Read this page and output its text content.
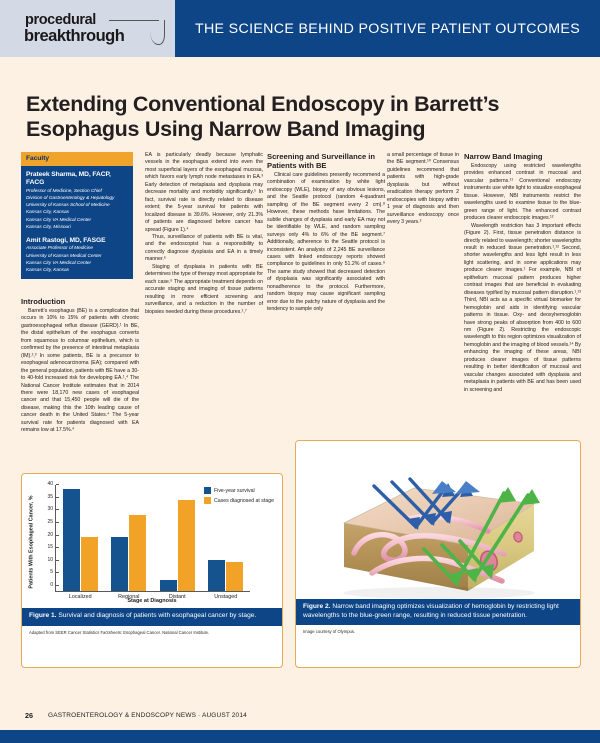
procedural
breakthrough	THE SCIENCE BEHIND POSITIVE PATIENT OUTCOMES
Extending Conventional Endoscopy in Barrett’s Esophagus Using Narrow Band Imaging
Faculty
Prateek Sharma, MD, FACP, FACG
Professor of Medicine, Section Chief
Division of Gastroenterology & Hepatology
University of Kansas School of Medicine
Kansas City, Kansas
Kansas City VA Medical Center
Kansas City, Missouri
Amit Rastogi, MD, FASGE
Associate Professor of Medicine
University of Kansas Medical Center
Kansas City VA Medical Center
Kansas City, Kansas
Introduction

Barrett’s esophagus (BE) is a complication that occurs in 10% to 15% of patients with chronic gastroesophageal reflux disease (GERD).¹ In BE, the distal epithelium of the esophagus converts from squamous to columnar epithelium, which is confirmed by the presence of intestinal metaplasia (IM).²,³ In some patients, BE is a precursor to esophageal adenocarcinoma (EA); compared with the general population, patients with BE have a 30- to 40-fold increased risk for developing EA.¹,⁴ The National Cancer Institute estimates that in 2014 there were 18,170 new cases of esophageal cancer and that 15,450 people will die of the disease, making this the 10th leading cause of cancer death in the United States.⁴ The 5-year survival rate for patients diagnosed with EA remains low at 17.5%.⁴

EA is particularly deadly because lymphatic vessels in the esophagus extend into even the most superficial layers of the esophageal mucosa, which favors early lymph node metastases in EA.³ Early detection of metaplasia and dysplasia may decrease mortality and morbidity significantly.⁵ In fact, survival rate is directly related to disease extent; the 5-year survival for patients with localized disease is 39.6%. However, only 21.3% of patients are diagnosed before cancer has spread (Figure 1).⁴

Thus, surveillance of patients with BE is vital, and the endoscopist has a responsibility to correctly diagnose dysplasia and EA in a timely manner.⁶

Staging of dysplasia in patients with BE determines the type of therapy most appropriate for each case.⁶ The appropriate treatment depends on accurate staging and imaging of tissue patterns resulting in more efficient screening and surveillance, and a reduction in the number of biopsies needed during these procedures.¹,⁷

Screening and Surveillance in Patients with BE

Clinical care guidelines presently recommend a combination of examination by white light endoscopy (WLE), biopsy of any obvious lesions, and the Seattle protocol (random 4-quadrant sampling of the BE segment every 2 cm).⁸ However, these methods have limitations. The subtle changes of dysplasia and early EA may not be identifiable by WLE, and random sampling surveys only 4% to 6% of the BE segment.⁷ Additionally, adherence to the Seattle protocol is inconsistent. An analysis of 2,245 BE surveillance cases with linked endoscopy reports showed compliance to guidelines in only 51.2% of cases.⁹ The same study showed that decreased detection of dysplasia was significantly associated with nonadherence to the protocol. Furthermore, random biopsy may cause significant sampling error due to the patchy nature of dysplasia and the tendency to sample only

a small percentage of tissue in the BE segment.¹⁰ Consensus guidelines recommend that patients with high-grade dysplasia but without eradication therapy perform 2 endoscopies with biopsy within 1 year of diagnosis and then surveillance endoscopy once every 3 years.²

Narrow Band Imaging

Endoscopy using restricted wavelengths provides enhanced contrast in mucosal and vascular patterns.¹¹ Conventional endoscopy instruments use white light to visualize esophageal tissue. However, NBI instruments restrict the wavelengths used to examine tissue to the blue-green range of light. The enhanced contrast produces clearer endoscopic images.¹²

Wavelength restriction has 3 important effects (Figure 2). First, tissue penetration distance is directly related to wavelength; shorter wavelengths result in reduced tissue penetration.¹,¹² Second, shorter wavelengths and less light result in less light scattering, and in some applications may produce clearer images.¹ For example, NBI of epithelium mucosal pattern produces higher contrast images that are beneficial in evaluating diseases typified by mucosal pattern disruption.¹,¹³ Third, NBI acts as a specific virtual biomarker for hemoglobin and aids in identifying vascular patterns in tissue. Oxy- and deoxyhemoglobin have strong peaks of absorption from 400 to 600 nm (Figure 2). Restricting the endoscopic wavelength to this region optimizes visualization of hemoglobin and the imaging of blood vessels.¹⁴ By enhancing the imaging of these areas, NBI produces clearer images of tissue patterns resulting in better identification of mucosal and vascular changes associated with dysplasia and metaplasia in patients with BE and has been used in screening and

Patients With Esophageal Cancer, %	0
5
10
15
20
25
30
35
40
Localized	Regional	Distant	Unstaged
Stage at Diagnosis
Five-year survival
Cases diagnosed at stage
Figure 1. Survival and diagnosis of patients with esophageal cancer by stage.
Adapted from SEER Cancer Statistics Factsheets: Esophageal Cancer. National Cancer Institute.
Figure 2. Narrow band imaging optimizes visualization of hemoglobin by restricting light wavelengths to the blue-green range, resulting in reduced tissue penetration.
Image courtesy of Olympus.
26 GASTROENTEROLOGY & ENDOSCOPY NEWS · AUGUST 2014
